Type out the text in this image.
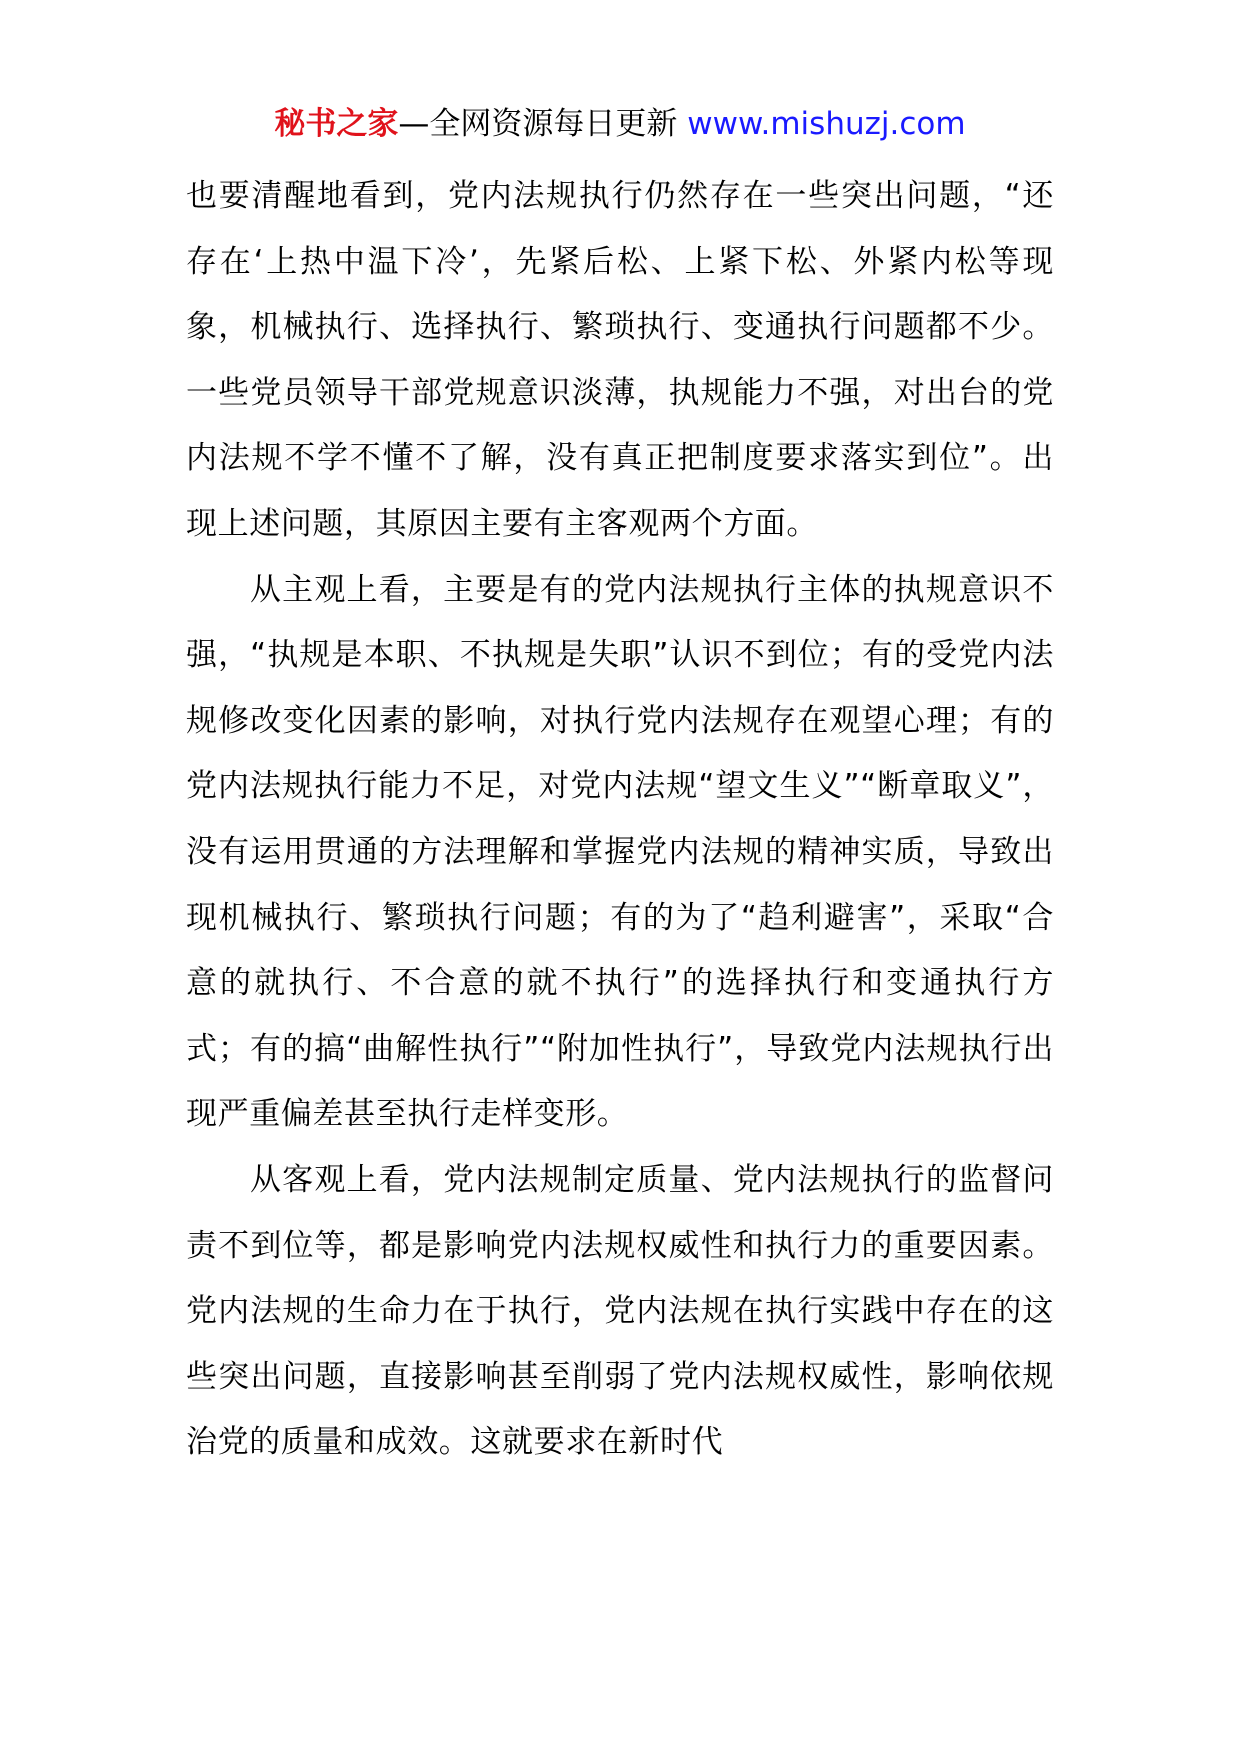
秘书之家—全网资源每日更新 www.mishuzj.com

也要清醒地看到，党内法规执行仍然存在一些突出问题，“还存在‘上热中温下冷’，先紧后松、上紧下松、外紧内松等现象，机械执行、选择执行、繁琐执行、变通执行问题都不少。一些党员领导干部党规意识淡薄，执规能力不强，对出台的党内法规不学不懂不了解，没有真正把制度要求落实到位”。出现上述问题，其原因主要有主客观两个方面。

从主观上看，主要是有的党内法规执行主体的执规意识不强，“执规是本职、不执规是失职”认识不到位；有的受党内法规修改变化因素的影响，对执行党内法规存在观望心理；有的党内法规执行能力不足，对党内法规“望文生义”“断章取义”，没有运用贯通的方法理解和掌握党内法规的精神实质，导致出现机械执行、繁琐执行问题；有的为了“趋利避害”，采取“合意的就执行、不合意的就不执行”的选择执行和变通执行方式；有的搞“曲解性执行”“附加性执行”，导致党内法规执行出现严重偏差甚至执行走样变形。

从客观上看，党内法规制定质量、党内法规执行的监督问责不到位等，都是影响党内法规权威性和执行力的重要因素。党内法规的生命力在于执行，党内法规在执行实践中存在的这些突出问题，直接影响甚至削弱了党内法规权威性，影响依规治党的质量和成效。这就要求在新时代
